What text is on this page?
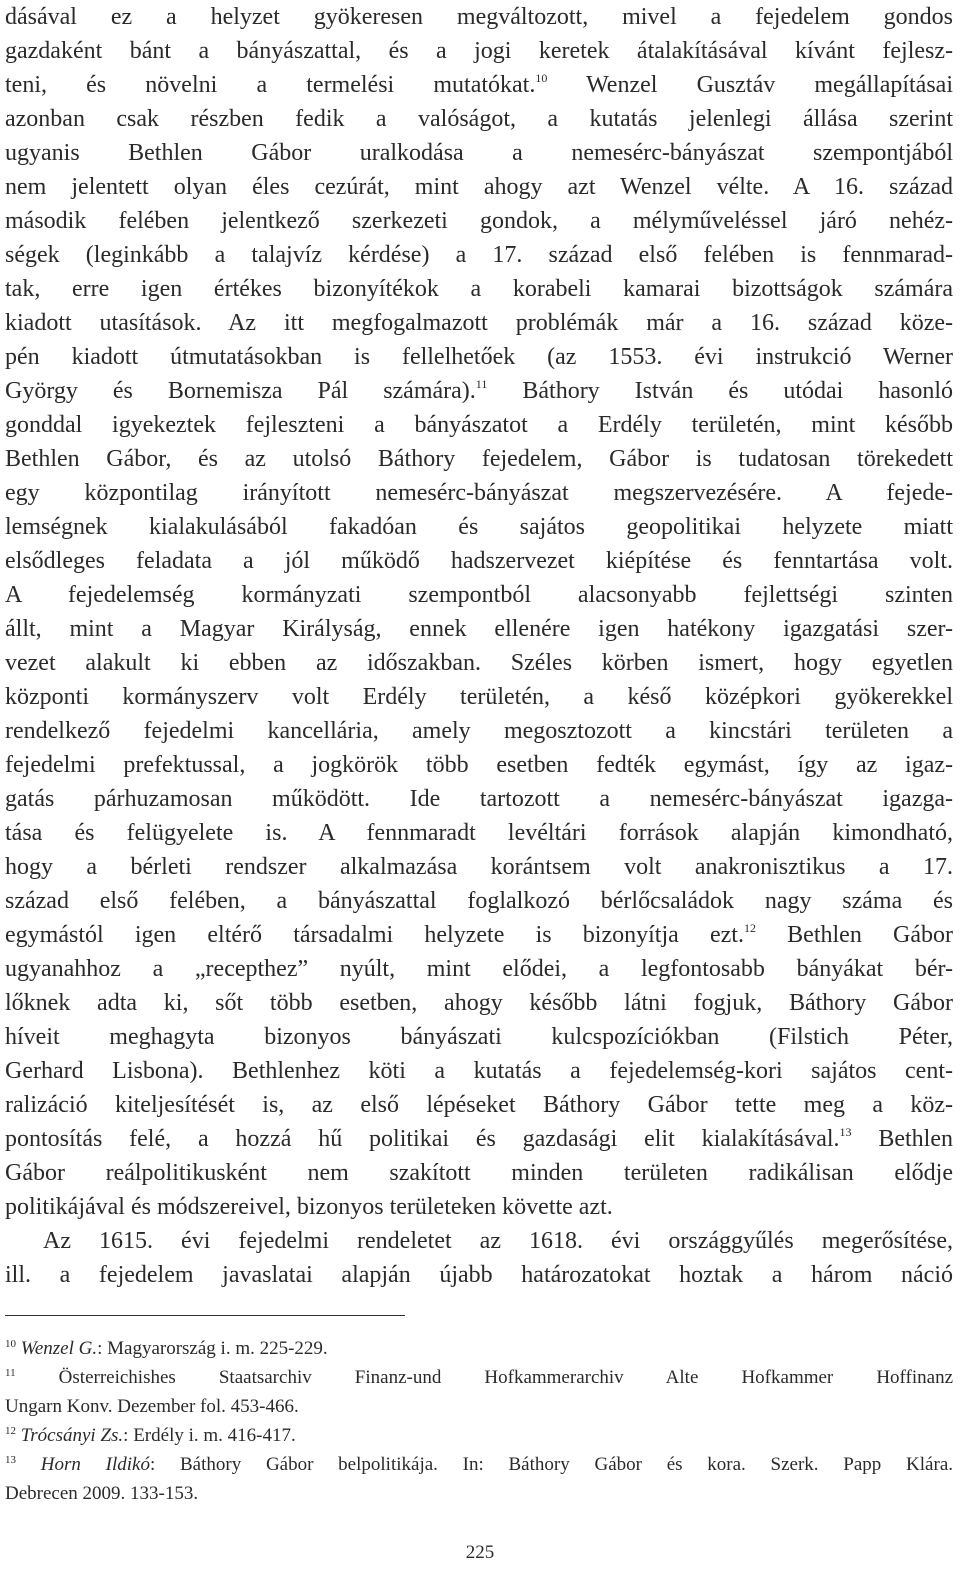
dásával ez a helyzet gyökeresen megváltozott, mivel a fejedelem gondos
gazdaként bánt a bányászattal, és a jogi keretek átalakításával kívánt fejlesz-
teni, és növelni a termelési mutatókat.$^{10}$ Wenzel Gusztáv megállapításai
azonban csak részben fedik a valóságot, a kutatás jelenlegi állása szerint
ugyanis Bethlen Gábor uralkodása a nemesérc-bányászat szempontjából
nem jelentett olyan éles cezúrát, mint ahogy azt Wenzel vélte. A 16. század
második felében jelentkező szerkezeti gondok, a mélyműveléssel járó nehéz-
ségek (leginkább a talajvíz kérdése) a 17. század első felében is fennmarad-
tak, erre igen értékes bizonyítékok a korabeli kamarai bizottságok számára
kiadott utasítások. Az itt megfogalmazott problémák már a 16. század köze-
pén kiadott útmutatásokban is fellelhetőek (az 1553. évi instrukció Werner
György és Bornemisza Pál számára).$^{11}$ Báthory István és utódai hasonló
gonddal igyekeztek fejleszteni a bányászatot a Erdély területén, mint később
Bethlen Gábor, és az utolsó Báthory fejedelem, Gábor is tudatosan törekedett
egy központilag irányított nemesérc-bányászat megszervezésére. A fejede-
lemségnek kialakulásából fakadóan és sajátos geopolitikai helyzete miatt
elsődleges feladata a jól működő hadszervezet kiépítése és fenntartása volt.
A fejedelemség kormányzati szempontból alacsonyabb fejlettségi szinten
állt, mint a Magyar Királyság, ennek ellenére igen hatékony igazgatási szer-
vezet alakult ki ebben az időszakban. Széles körben ismert, hogy egyetlen
központi kormányszerv volt Erdély területén, a késő középkori gyökerekkel
rendelkező fejedelmi kancellária, amely megosztozott a kincstári területen a
fejedelmi prefektussal, a jogkörök több esetben fedték egymást, így az igaz-
gatás párhuzamosan működött. Ide tartozott a nemesérc-bányászat igazga-
tása és felügyelete is. A fennmaradt levéltári források alapján kimondható,
hogy a bérleti rendszer alkalmazása korántsem volt anakronisztikus a 17.
század első felében, a bányászattal foglalkozó bérlőcsaládok nagy száma és
egymástól igen eltérő társadalmi helyzete is bizonyítja ezt.$^{12}$ Bethlen Gábor
ugyanahhoz a „recepthez” nyúlt, mint elődei, a legfontosabb bányákat bér-
lőknek adta ki, sőt több esetben, ahogy később látni fogjuk, Báthory Gábor
híveit meghagyta bizonyos bányászati kulcspozíciókban (Filstich Péter,
Gerhard Lisbona). Bethlenhez köti a kutatás a fejedelemség-kori sajátos cent-
ralizáció kiteljesítését is, az első lépéseket Báthory Gábor tette meg a köz-
pontosítás felé, a hozzá hű politikai és gazdasági elit kialakításával.$^{13}$ Bethlen
Gábor reálpolitikusként nem szakított minden területen radikálisan elődje
politikájával és módszereivel, bizonyos területeken követte azt.
Az 1615. évi fejedelmi rendeletet az 1618. évi országgyűlés megerősítése,
ill. a fejedelem javaslatai alapján újabb határozatokat hoztak a három náció
$^{10}$ Wenzel G.: Magyarország i. m. 225-229.
$^{11}$ Österreichishes Staatsarchiv Finanz-und Hofkammerarchiv Alte Hofkammer Hoffinanz
Ungarn Konv. Dezember fol. 453-466.
$^{12}$ Trócsányi Zs.: Erdély i. m. 416-417.
$^{13}$ Horn Ildikó: Báthory Gábor belpolitikája. In: Báthory Gábor és kora. Szerk. Papp Klára.
Debrecen 2009. 133-153.
225
